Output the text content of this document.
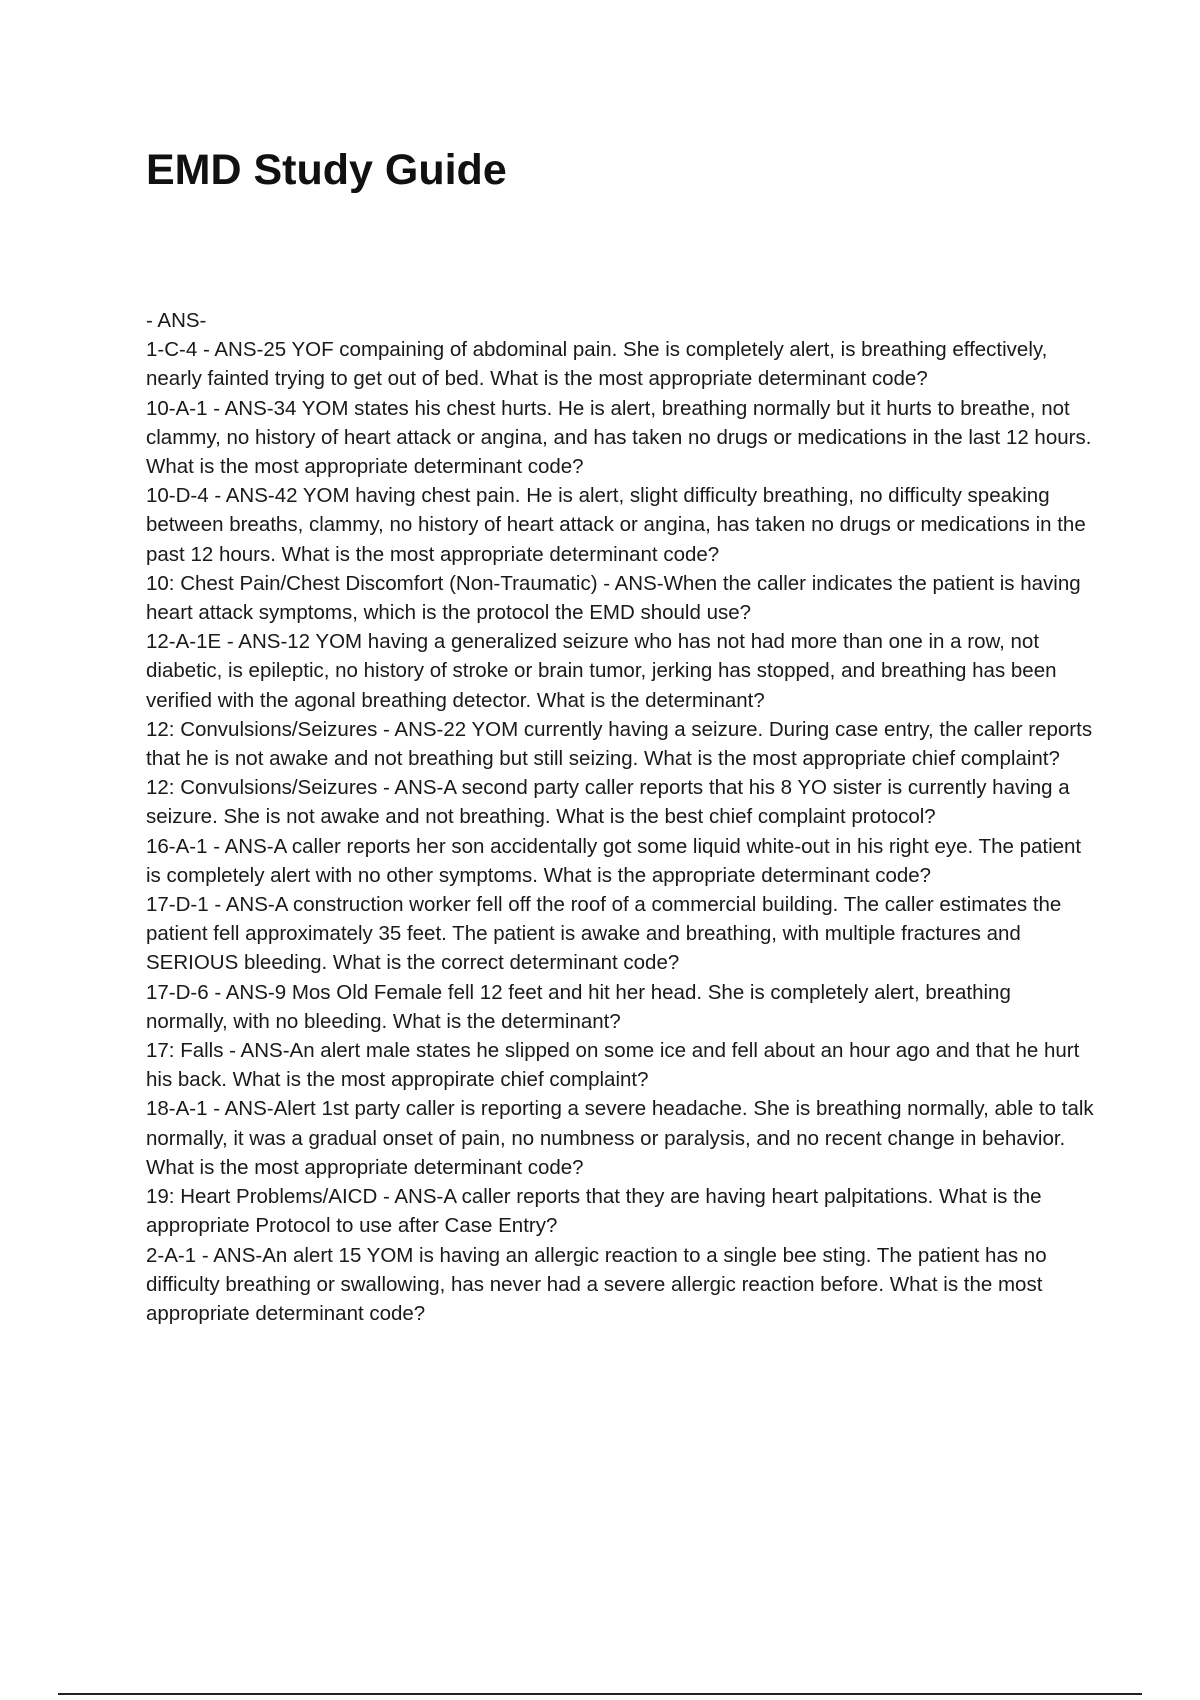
EMD Study Guide
- ANS-
1-C-4 - ANS-25 YOF compaining of abdominal pain. She is completely alert, is breathing effectively, nearly fainted trying to get out of bed. What is the most appropriate determinant code?
10-A-1 - ANS-34 YOM states his chest hurts. He is alert, breathing normally but it hurts to breathe, not clammy, no history of heart attack or angina, and has taken no drugs or medications in the last 12 hours. What is the most appropriate determinant code?
10-D-4 - ANS-42 YOM having chest pain. He is alert, slight difficulty breathing, no difficulty speaking between breaths, clammy, no history of heart attack or angina, has taken no drugs or medications in the past 12 hours. What is the most appropriate determinant code?
10: Chest Pain/Chest Discomfort (Non-Traumatic) - ANS-When the caller indicates the patient is having heart attack symptoms, which is the protocol the EMD should use?
12-A-1E - ANS-12 YOM having a generalized seizure who has not had more than one in a row, not diabetic, is epileptic, no history of stroke or brain tumor, jerking has stopped, and breathing has been verified with the agonal breathing detector. What is the determinant?
12: Convulsions/Seizures - ANS-22 YOM currently having a seizure. During case entry, the caller reports that he is not awake and not breathing but still seizing. What is the most appropriate chief complaint?
12: Convulsions/Seizures - ANS-A second party caller reports that his 8 YO sister is currently having a seizure. She is not awake and not breathing. What is the best chief complaint protocol?
16-A-1 - ANS-A caller reports her son accidentally got some liquid white-out in his right eye. The patient is completely alert with no other symptoms. What is the appropriate determinant code?
17-D-1 - ANS-A construction worker fell off the roof of a commercial building. The caller estimates the patient fell approximately 35 feet. The patient is awake and breathing, with multiple fractures and SERIOUS bleeding. What is the correct determinant code?
17-D-6 - ANS-9 Mos Old Female fell 12 feet and hit her head. She is completely alert, breathing normally, with no bleeding. What is the determinant?
17: Falls - ANS-An alert male states he slipped on some ice and fell about an hour ago and that he hurt his back. What is the most appropirate chief complaint?
18-A-1 - ANS-Alert 1st party caller is reporting a severe headache. She is breathing normally, able to talk normally, it was a gradual onset of pain, no numbness or paralysis, and no recent change in behavior. What is the most appropriate determinant code?
19: Heart Problems/AICD - ANS-A caller reports that they are having heart palpitations. What is the appropriate Protocol to use after Case Entry?
2-A-1 - ANS-An alert 15 YOM is having an allergic reaction to a single bee sting. The patient has no difficulty breathing or swallowing, has never had a severe allergic reaction before. What is the most appropriate determinant code?
